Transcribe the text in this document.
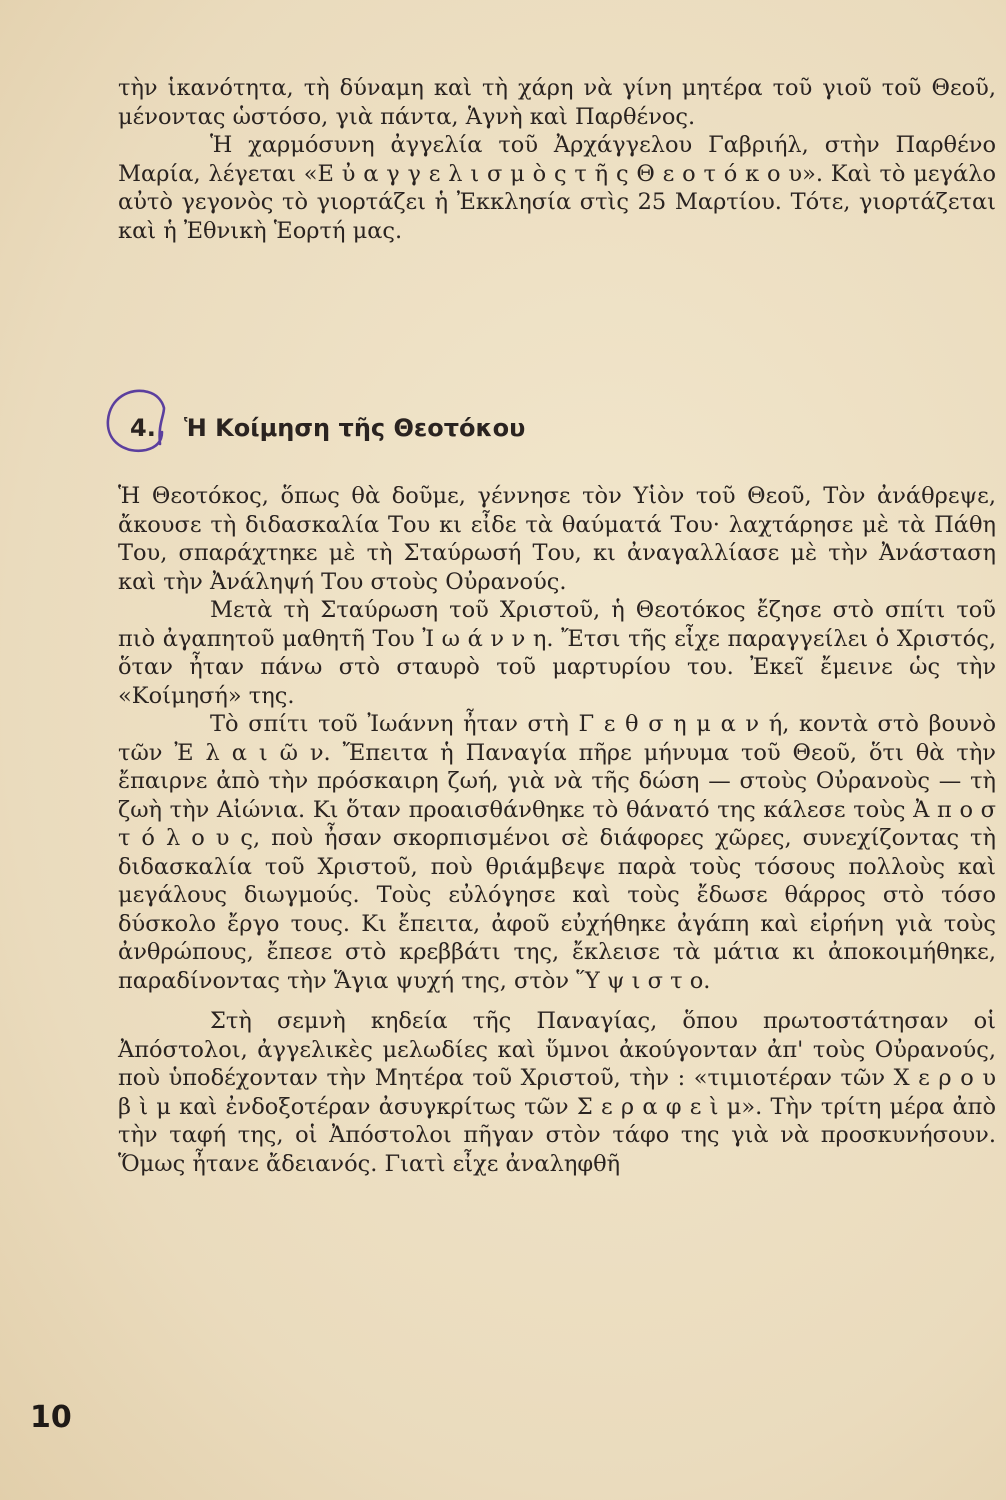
τὴν ἱκανότητα, τὴ δύναμη καὶ τὴ χάρη νὰ γίνη μητέρα τοῦ γιοῦ τοῦ Θεοῦ, μένοντας ὡστόσο, γιὰ πάντα, Ἁγνὴ καὶ Παρθένος.

Ἡ χαρμόσυνη ἀγγελία τοῦ Ἀρχάγγελου Γαβριήλ, στὴν Παρθένο Μαρία, λέγεται «Ε ὐ α γ γ ε λ ι σ μ ὸ ς τ ῆ ς Θ ε ο τ ό κ ο υ». Καὶ τὸ μεγάλο αὐτὸ γεγονὸς τὸ γιορτάζει ἡ Ἐκκλησία στὶς 25 Μαρτίου. Τότε, γιορτάζεται καὶ ἡ Ἐθνικὴ Ἑορτή μας.

4. Ἡ Κοίμηση τῆς Θεοτόκου

Ἡ Θεοτόκος, ὅπως θὰ δοῦμε, γέννησε τὸν Υἱὸν τοῦ Θεοῦ, Τὸν ἀνάθρεψε, ἄκουσε τὴ διδασκαλία Του κι εἶδε τὰ θαύματά Του· λαχτάρησε μὲ τὰ Πάθη Του, σπαράχτηκε μὲ τὴ Σταύρωσή Του, κι ἀναγαλλίασε μὲ τὴν Ἀνάσταση καὶ τὴν Ἀνάληψή Του στοὺς Οὐρανούς.

Μετὰ τὴ Σταύρωση τοῦ Χριστοῦ, ἡ Θεοτόκος ἔζησε στὸ σπίτι τοῦ πιὸ ἀγαπητοῦ μαθητῆ Του Ἰ ω ά ν ν η. Ἔτσι τῆς εἶχε παραγγείλει ὁ Χριστός, ὅταν ἦταν πάνω στὸ σταυρὸ τοῦ μαρτυρίου του. Ἐκεῖ ἔμεινε ὡς τὴν «Κοίμησή» της.

Τὸ σπίτι τοῦ Ἰωάννη ἦταν στὴ Γ ε θ σ η μ α ν ή, κοντὰ στὸ βουνὸ τῶν Ἐ λ α ι ῶ ν. Ἔπειτα ἡ Παναγία πῆρε μήνυμα τοῦ Θεοῦ, ὅτι θὰ τὴν ἔπαιρνε ἀπὸ τὴν πρόσκαιρη ζωή, γιὰ νὰ τῆς δώση — στοὺς Οὐρανοὺς — τὴ ζωὴ τὴν Αἰώνια. Κι ὅταν προαισθάνθηκε τὸ θάνατό της κάλεσε τοὺς Ἀ π ο σ τ ό λ ο υ ς, ποὺ ἦσαν σκορπισμένοι σὲ διάφορες χῶρες, συνεχίζοντας τὴ διδασκαλία τοῦ Χριστοῦ, ποὺ θριάμβεψε παρὰ τοὺς τόσους πολλοὺς καὶ μεγάλους διωγμούς. Τοὺς εὐλόγησε καὶ τοὺς ἔδωσε θάρρος στὸ τόσο δύσκολο ἔργο τους. Κι ἔπειτα, ἀφοῦ εὐχήθηκε ἀγάπη καὶ εἰρήνη γιὰ τοὺς ἀνθρώπους, ἔπεσε στὸ κρεββάτι της, ἔκλεισε τὰ μάτια κι ἀποκοιμήθηκε, παραδίνοντας τὴν Ἅγια ψυχή της, στὸν Ὕ ψ ι σ τ ο.

Στὴ σεμνὴ κηδεία τῆς Παναγίας, ὅπου πρωτοστάτησαν οἱ Ἀπόστολοι, ἀγγελικὲς μελωδίες καὶ ὕμνοι ἀκούγονταν ἀπ' τοὺς Οὐρανούς, ποὺ ὑποδέχονταν τὴν Μητέρα τοῦ Χριστοῦ, τὴν : «τιμιοτέραν τῶν Χ ε ρ ο υ β ὶ μ καὶ ἐνδοξοτέραν ἀσυγκρίτως τῶν Σ ε ρ α φ ε ὶ μ». Τὴν τρίτη μέρα ἀπὸ τὴν ταφή της, οἱ Ἀπόστολοι πῆγαν στὸν τάφο της γιὰ νὰ προσκυνήσουν. Ὅμως ἦτανε ἄδειανός. Γιατὶ εἶχε ἀναληφθῆ

10
